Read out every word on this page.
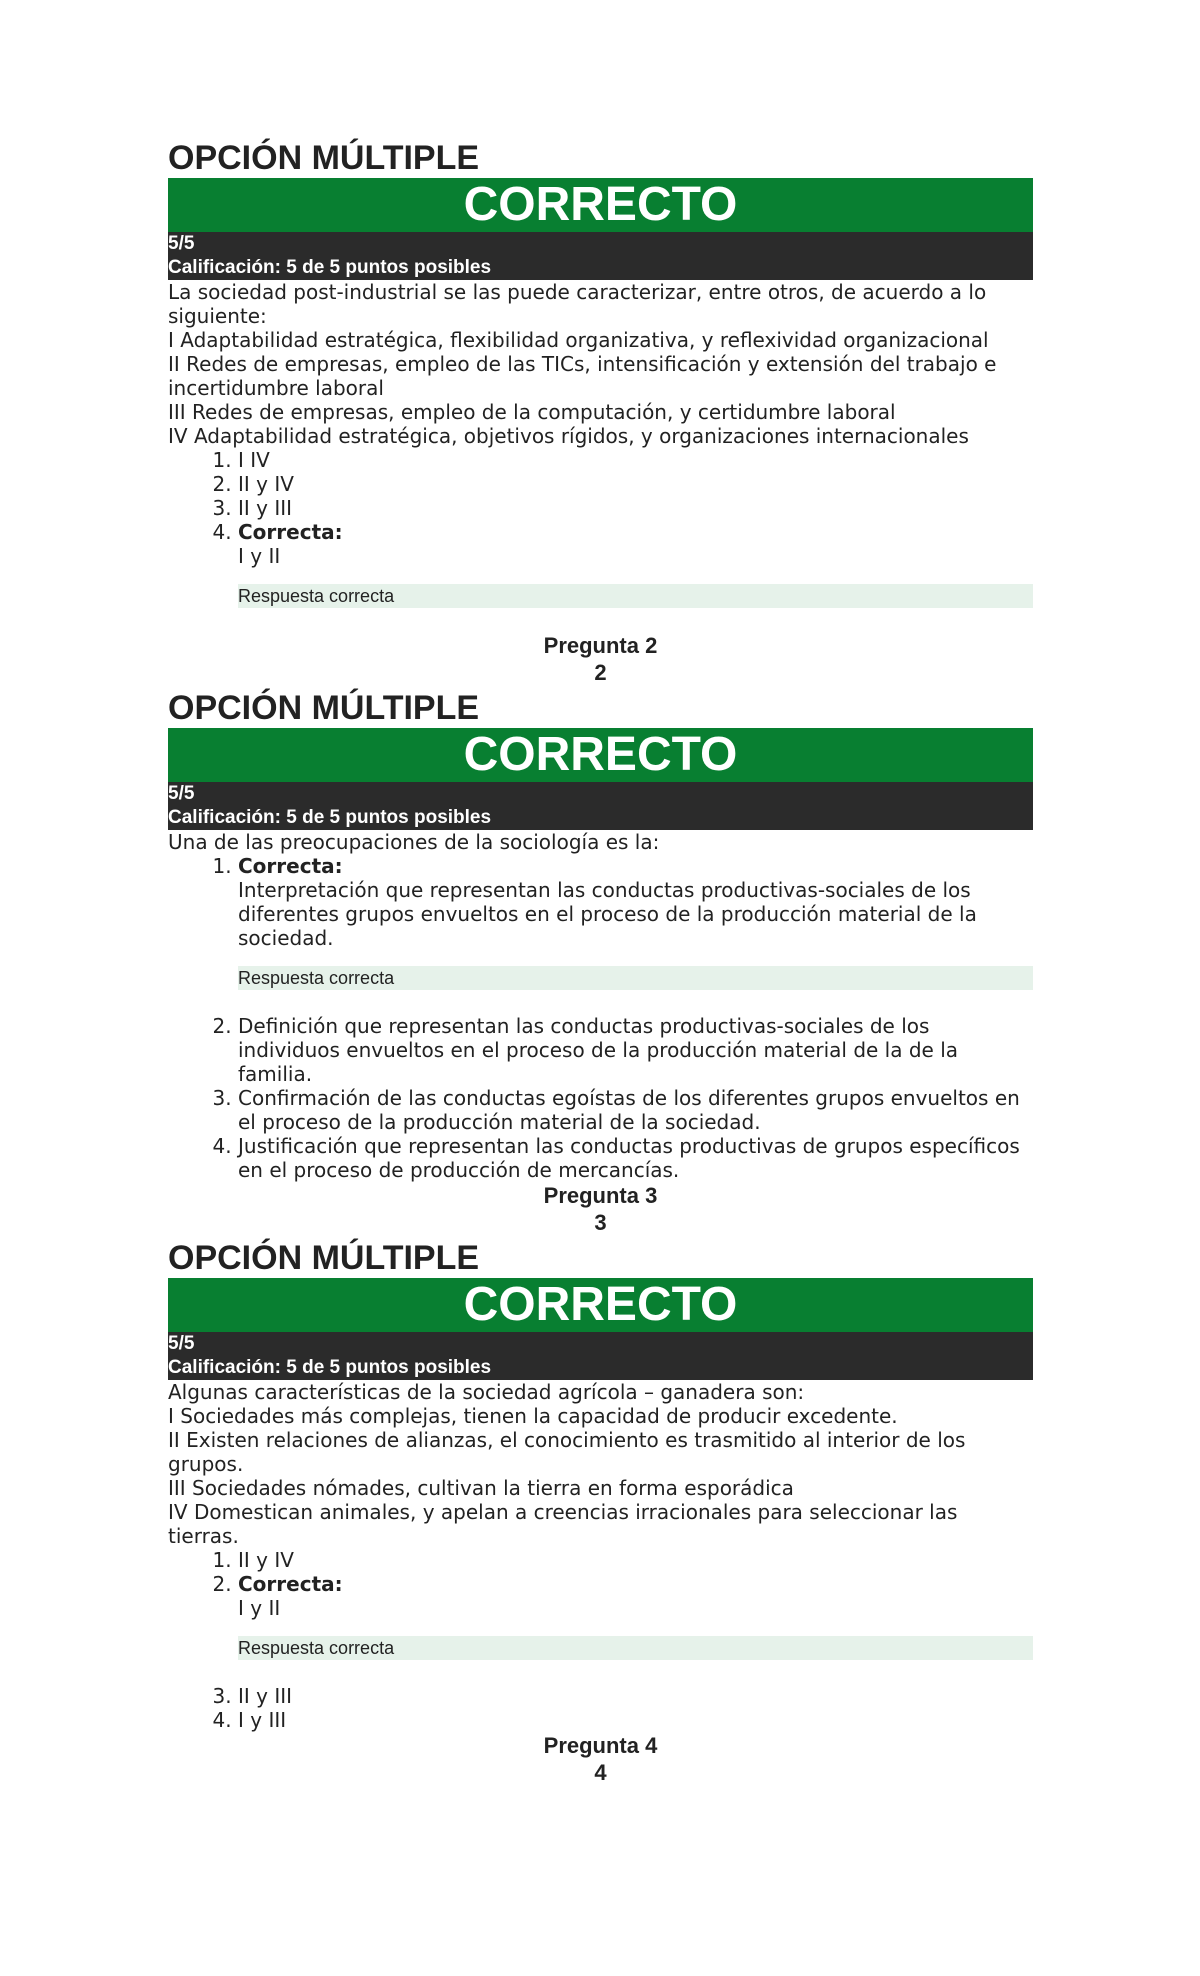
OPCIÓN MÚLTIPLE
CORRECTO
5/5
Calificación: 5 de 5 puntos posibles
La sociedad post-industrial se las puede caracterizar, entre otros, de acuerdo a lo siguiente:
I Adaptabilidad estratégica, flexibilidad organizativa, y reflexividad organizacional
II Redes de empresas, empleo de las TICs, intensificación y extensión del trabajo e incertidumbre laboral
III Redes de empresas, empleo de la computación, y certidumbre laboral
IV Adaptabilidad estratégica, objetivos rígidos, y organizaciones internacionales
1. I IV
2. II y IV
3. II y III
4. Correcta:
I y II
Respuesta correcta
Pregunta 2
2
OPCIÓN MÚLTIPLE
CORRECTO
5/5
Calificación: 5 de 5 puntos posibles
Una de las preocupaciones de la sociología es la:
1. Correcta:
Interpretación que representan las conductas productivas-sociales de los diferentes grupos envueltos en el proceso de la producción material de la sociedad.
Respuesta correcta
2. Definición que representan las conductas productivas-sociales de los individuos envueltos en el proceso de la producción material de la de la familia.
3. Confirmación de las conductas egoístas de los diferentes grupos envueltos en el proceso de la producción material de la sociedad.
4. Justificación que representan las conductas productivas de grupos específicos en el proceso de producción de mercancías.
Pregunta 3
3
OPCIÓN MÚLTIPLE
CORRECTO
5/5
Calificación: 5 de 5 puntos posibles
Algunas características de la sociedad agrícola – ganadera son:
I Sociedades más complejas, tienen la capacidad de producir excedente.
II Existen relaciones de alianzas, el conocimiento es trasmitido al interior de los grupos.
III Sociedades nómades, cultivan la tierra en forma esporádica
IV Domestican animales, y apelan a creencias irracionales para seleccionar las tierras.
1. II y IV
2. Correcta:
I y II
Respuesta correcta
3. II y III
4. I y III
Pregunta 4
4
